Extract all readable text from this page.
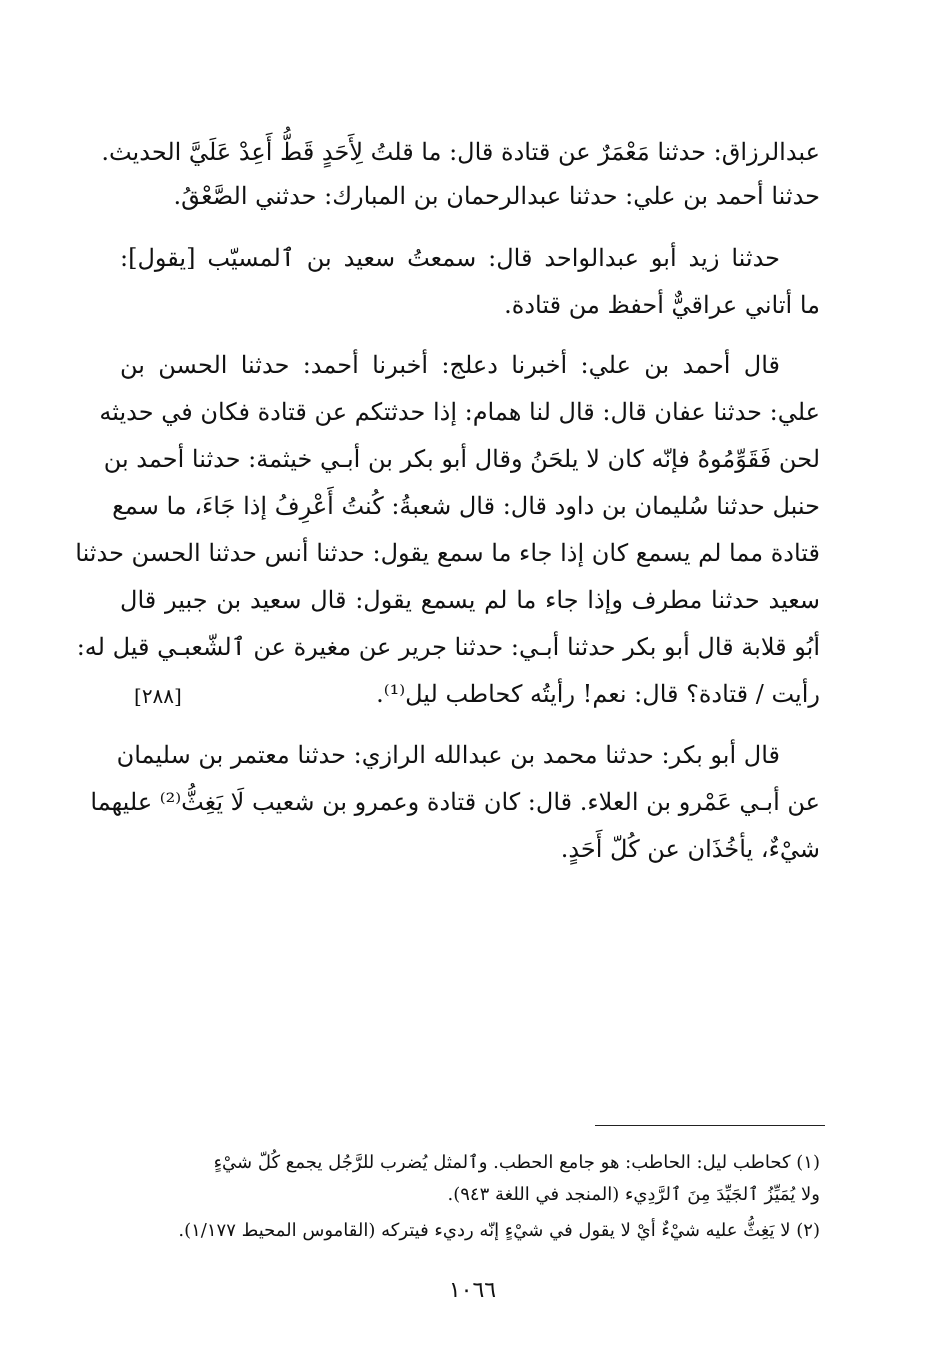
عبدالرزاق: حدثنا مَعْمَرٌ عن قتادة قال: ما قلتُ لِأَحَدٍ قَطُّ أَعِدْ عَلَيَّ الحديث.
حدثنا أحمد بن علي: حدثنا عبدالرحمان بن المبارك: حدثني الصَّعْقُ.
حدثنا زيد أبو عبدالواحد قال: سمعتُ سعيد بن ٱلمسيّب [يقول]:
ما أتاني عراقيٌّ أحفظ من قتادة.
قال أحمد بن علي: أخبرنا دعلج: أخبرنا أحمد: حدثنا الحسن بن
علي: حدثنا عفان قال: قال لنا همام: إذا حدثتكم عن قتادة فكان في حديثه
لحن فَقَوِّمُوهُ فإنّه كان لا يلحَنُ وقال أبو بكر بن أبـي خيثمة: حدثنا أحمد بن
حنبل حدثنا سُليمان بن داود قال: قال شعبةُ: كُنتُ أَعْرِفُ إذا جَاءَ، ما سمع
قتادة مما لم يسمع كان إذا جاء ما سمع يقول: حدثنا أنس حدثنا الحسن حدثنا
سعيد حدثنا مطرف وإذا جاء ما لم يسمع يقول: قال سعيد بن جبير قال
أبُو قلابة قال أبو بكر حدثنا أبـي: حدثنا جرير عن مغيرة عن ٱلشّعبـي قيل له:
رأيت / قتادة؟ قال: نعم! رأيتُه كحاطب ليل⁽¹⁾.
[٢٨٨]
قال أبو بكر: حدثنا محمد بن عبدالله الرازي: حدثنا معتمر بن سليمان
عن أبـي عَمْرو بن العلاء. قال: كان قتادة وعمرو بن شعيب لَا يَغِثُّ⁽²⁾ عليهما
شيْءٌ، يأخُذَان عن كُلّ أَحَدٍ.
(١) كحاطب ليل: الحاطب: هو جامع الحطب. وٱلمثل يُضرب للرَّجُل يجمع كُلّ شيْءٍ
ولا يُمَيِّزُ ٱلجَيِّدَ مِنَ ٱلرَّدِيء (المنجد في اللغة ٩٤٣).
(٢) لا يَغِثُّ عليه شيْءٌ أيْ لا يقول في شيْءٍ إنّه رديء فيتركه (القاموس المحيط ١/١٧٧).
١٠٦٦
